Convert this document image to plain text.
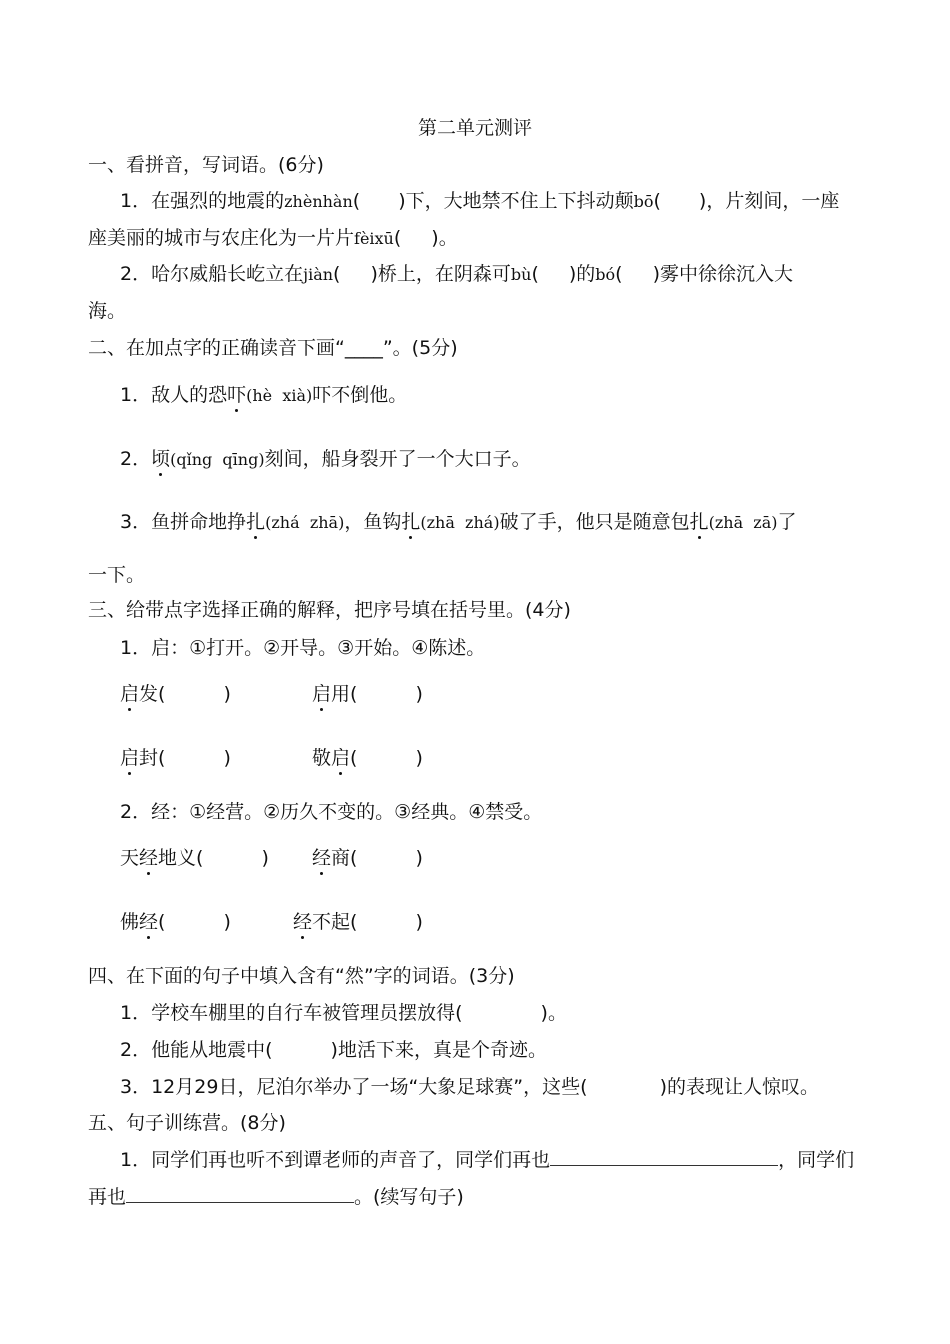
第二单元测评
一、看拼音，写词语。(6分)
1．在强烈的地震的zhènhàn( )下，大地禁不住上下抖动颠bō( )，片刻间，一座
座美丽的城市与农庄化为一片片fèixū( )。
2．哈尔威船长屹立在jiàn( )桥上，在阴森可bù( )的bó( )雾中徐徐沉入大
海。
二、在加点字的正确读音下画“____”。(5分)
1．敌人的恐吓(hè  xià)吓不倒他。
2．顷(qǐng  qīng)刻间，船身裂开了一个大口子。
3．鱼拼命地挣扎(zhá  zhā)，鱼钩扎(zhā  zhá)破了手，他只是随意包扎(zhā  zā)了
一下。
三、给带点字选择正确的解释，把序号填在括号里。(4分)
1．启：①打开。②开导。③开始。④陈述。
启发(	)	启用(	)
启封(	)	敬启(	)
2．经：①经营。②历久不变的。③经典。④禁受。
天经地义(	) 经商(	)
佛经(	)	经不起(	)
四、在下面的句子中填入含有“然”字的词语。(3分)
1．学校车棚里的自行车被管理员摆放得(	)。
2．他能从地震中(	)地活下来，真是个奇迹。
3．12月29日，尼泊尔举办了一场“大象足球赛”，这些(	)的表现让人惊叹。
五、句子训练营。(8分)
1．同学们再也听不到谭老师的声音了，同学们再也	，同学们
再也	。(续写句子)
